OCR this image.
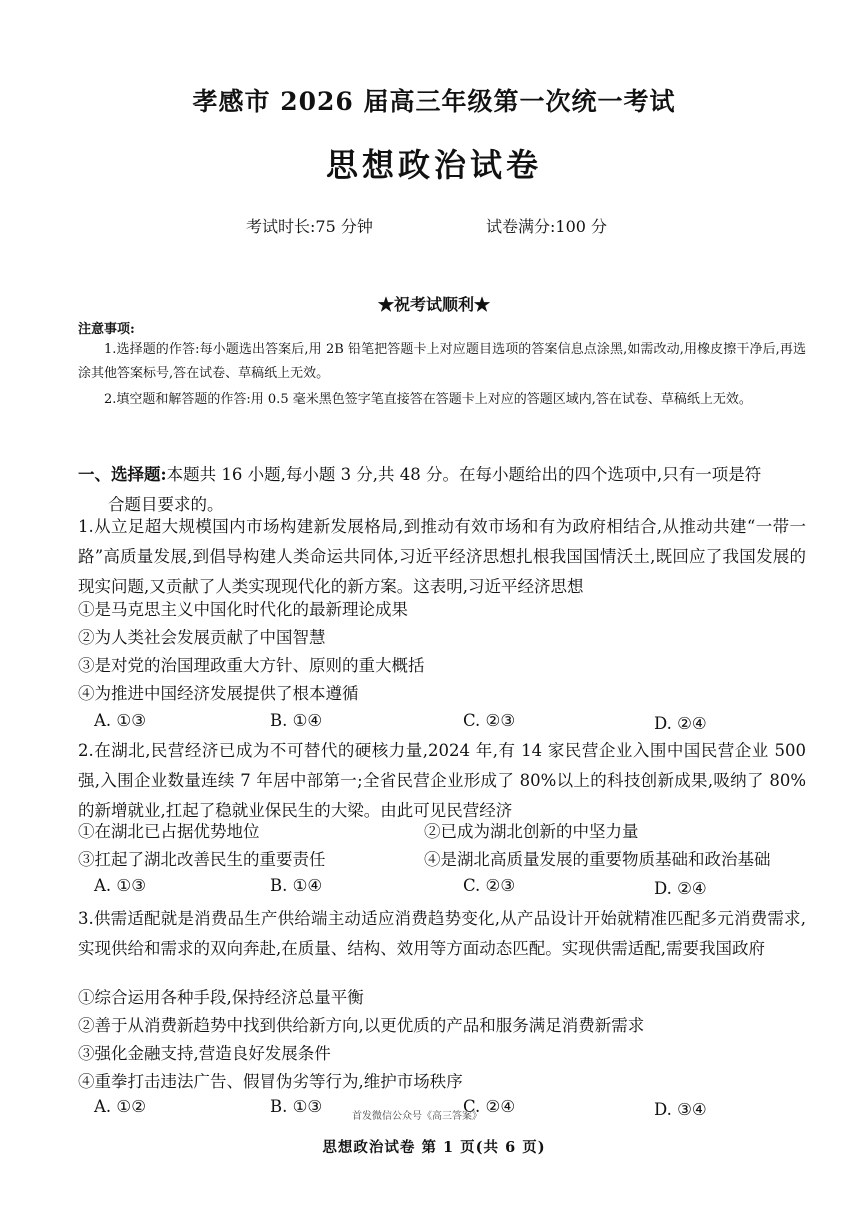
孝感市 2026 届高三年级第一次统一考试
思想政治试卷
考试时长:75 分钟	试卷满分:100 分
★祝考试顺利★
注意事项:
1.选择题的作答:每小题选出答案后,用 2B 铅笔把答题卡上对应题目选项的答案信息点涂黑,如需改动,用橡皮擦干净后,再选涂其他答案标号,答在试卷、草稿纸上无效。
2.填空题和解答题的作答:用 0.5 毫米黑色签字笔直接答在答题卡上对应的答题区域内,答在试卷、草稿纸上无效。
一、选择题:本题共 16 小题,每小题 3 分,共 48 分。在每小题给出的四个选项中,只有一项是符
合题目要求的。
1.从立足超大规模国内市场构建新发展格局,到推动有效市场和有为政府相结合,从推动共建“一带一路”高质量发展,到倡导构建人类命运共同体,习近平经济思想扎根我国国情沃土,既回应了我国发展的现实问题,又贡献了人类实现现代化的新方案。这表明,习近平经济思想
①是马克思主义中国化时代化的最新理论成果
②为人类社会发展贡献了中国智慧
③是对党的治国理政重大方针、原则的重大概括
④为推进中国经济发展提供了根本遵循
A. ①③	B. ①④	C. ②③	D. ②④
2.在湖北,民营经济已成为不可替代的硬核力量,2024 年,有 14 家民营企业入围中国民营企业 500 强,入围企业数量连续 7 年居中部第一;全省民营企业形成了 80%以上的科技创新成果,吸纳了 80%的新增就业,扛起了稳就业保民生的大梁。由此可见民营经济
①在湖北已占据优势地位	②已成为湖北创新的中坚力量
③扛起了湖北改善民生的重要责任	④是湖北高质量发展的重要物质基础和政治基础
A. ①③	B. ①④	C. ②③	D. ②④
3.供需适配就是消费品生产供给端主动适应消费趋势变化,从产品设计开始就精准匹配多元消费需求,实现供给和需求的双向奔赴,在质量、结构、效用等方面动态匹配。实现供需适配,需要我国政府
①综合运用各种手段,保持经济总量平衡
②善于从消费新趋势中找到供给新方向,以更优质的产品和服务满足消费新需求
③强化金融支持,营造良好发展条件
④重拳打击违法广告、假冒伪劣等行为,维护市场秩序
A. ①②	B. ①③	C. ②④	D. ③④
首发微信公众号《高三答案》
思想政治试卷 第 1 页(共 6 页)
